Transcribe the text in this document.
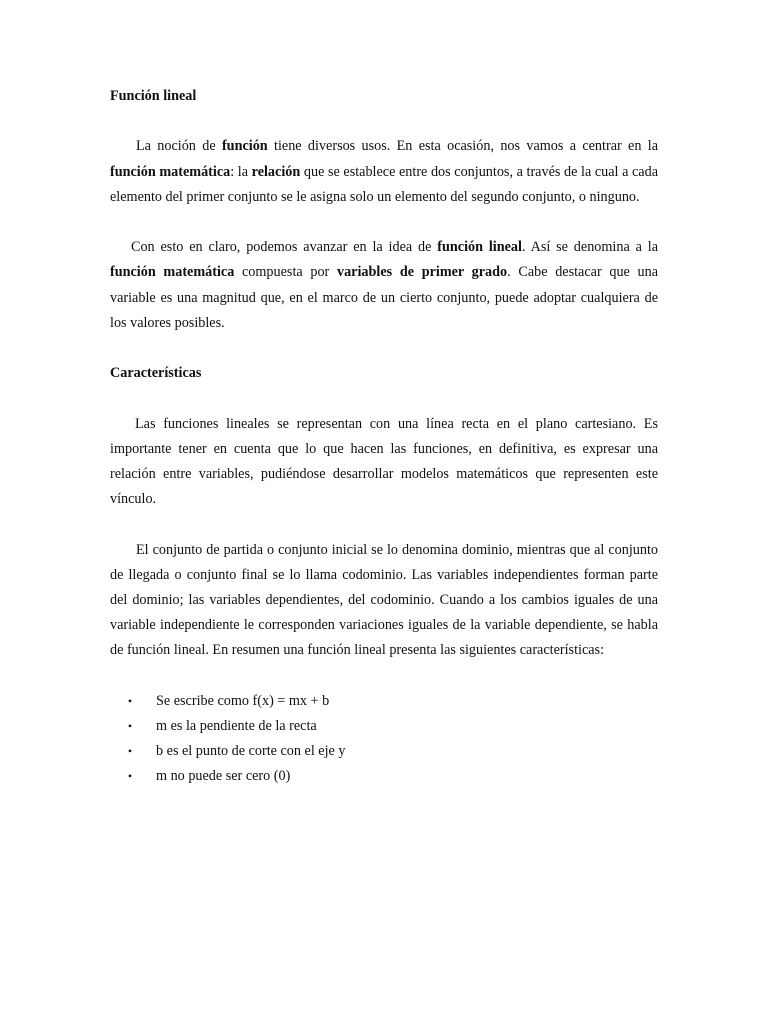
Función lineal

La noción de función tiene diversos usos. En esta ocasión, nos vamos a centrar en la función matemática: la relación que se establece entre dos conjuntos, a través de la cual a cada elemento del primer conjunto se le asigna solo un elemento del segundo conjunto, o ninguno.

Con esto en claro, podemos avanzar en la idea de función lineal. Así se denomina a la función matemática compuesta por variables de primer grado. Cabe destacar que una variable es una magnitud que, en el marco de un cierto conjunto, puede adoptar cualquiera de los valores posibles.

Características

Las funciones lineales se representan con una línea recta en el plano cartesiano. Es importante tener en cuenta que lo que hacen las funciones, en definitiva, es expresar una relación entre variables, pudiéndose desarrollar modelos matemáticos que representen este vínculo.

El conjunto de partida o conjunto inicial se lo denomina dominio, mientras que al conjunto de llegada o conjunto final se lo llama codominio. Las variables independientes forman parte del dominio; las variables dependientes, del codominio. Cuando a los cambios iguales de una variable independiente le corresponden variaciones iguales de la variable dependiente, se habla de función lineal. En resumen una función lineal presenta las siguientes características:

• Se escribe como f(x) = mx + b
• m es la pendiente de la recta
• b es el punto de corte con el eje y
• m no puede ser cero (0)
